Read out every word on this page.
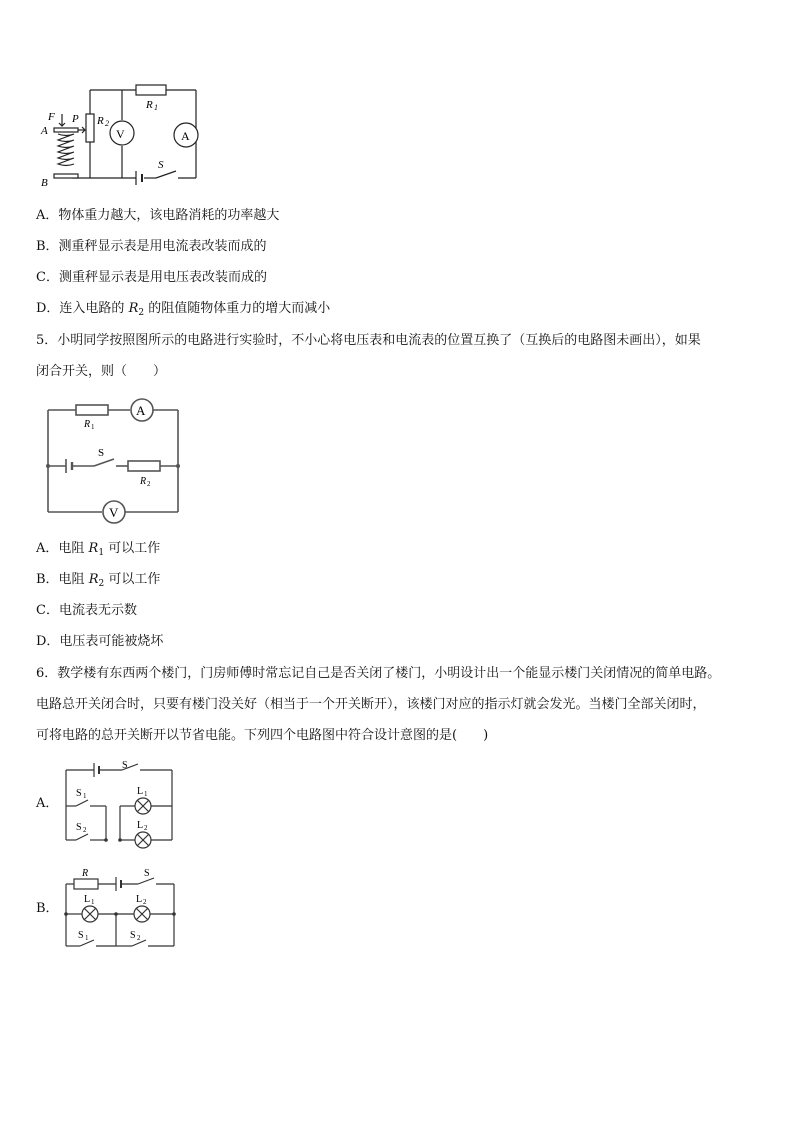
V	A
R 1
R 2
F P
A
B
S
A．物体重力越大，该电路消耗的功率越大
B．测重秤显示表是用电流表改装而成的
C．测重秤显示表是用电压表改装而成的
D．连入电路的 $R_2$ 的阻值随物体重力的增大而减小
5．小明同学按照图所示的电路进行实验时，不小心将电压表和电流表的位置互换了（互换后的电路图未画出），如果
闭合开关，则（　　）
A
V
R 1
R 2
S
A．电阻 $R_1$ 可以工作
B．电阻 $R_2$ 可以工作
C．电流表无示数
D．电压表可能被烧坏
6．教学楼有东西两个楼门，门房师傅时常忘记自己是否关闭了楼门，小明设计出一个能显示楼门关闭情况的简单电路。
电路总开关闭合时，只要有楼门没关好（相当于一个开关断开），该楼门对应的指示灯就会发光。当楼门全部关闭时，
可将电路的总开关断开以节省电能。下列四个电路图中符合设计意图的是(　　)
A．
S
S 1
S 2
L 1
L 2
B．
R	S
L 1	L 2
S 1	S 2
